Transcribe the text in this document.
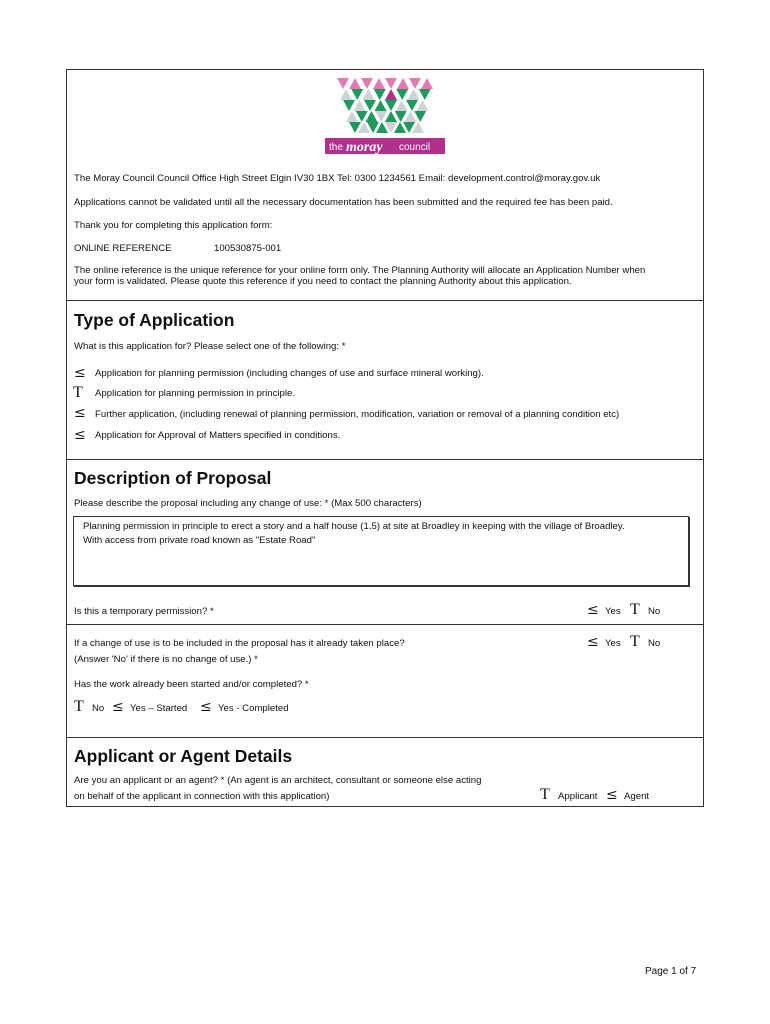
the moray council
The Moray Council Council Office High Street Elgin IV30 1BX Tel: 0300 1234561 Email: development.control@moray.gov.uk
Applications cannot be validated until all the necessary documentation has been submitted and the required fee has been paid.
Thank you for completing this application form:
ONLINE REFERENCE	100530875-001
The online reference is the unique reference for your online form only. The Planning Authority will allocate an Application Number when
your form is validated. Please quote this reference if you need to contact the planning Authority about this application.
Type of Application
What is this application for? Please select one of the following: *
≤ Application for planning permission (including changes of use and surface mineral working).
T Application for planning permission in principle.
≤ Further application, (including renewal of planning permission, modification, variation or removal of a planning condition etc)
≤ Application for Approval of Matters specified in conditions.
Description of Proposal
Please describe the proposal including any change of use: * (Max 500 characters)
Planning permission in principle to erect a story and a half house (1.5) at site at Broadley in keeping with the village of Broadley.
With access from private road known as "Estate Road"
Is this a temporary permission? *	≤ Yes T No
If a change of use is to be included in the proposal has it already taken place?
(Answer 'No' if there is no change of use.) *
≤ Yes T No
Has the work already been started and/or completed? *
T No ≤ Yes – Started ≤ Yes - Completed
Applicant or Agent Details
Are you an applicant or an agent? * (An agent is an architect, consultant or someone else acting
on behalf of the applicant in connection with this application)	T Applicant ≤ Agent
Page 1 of 7
